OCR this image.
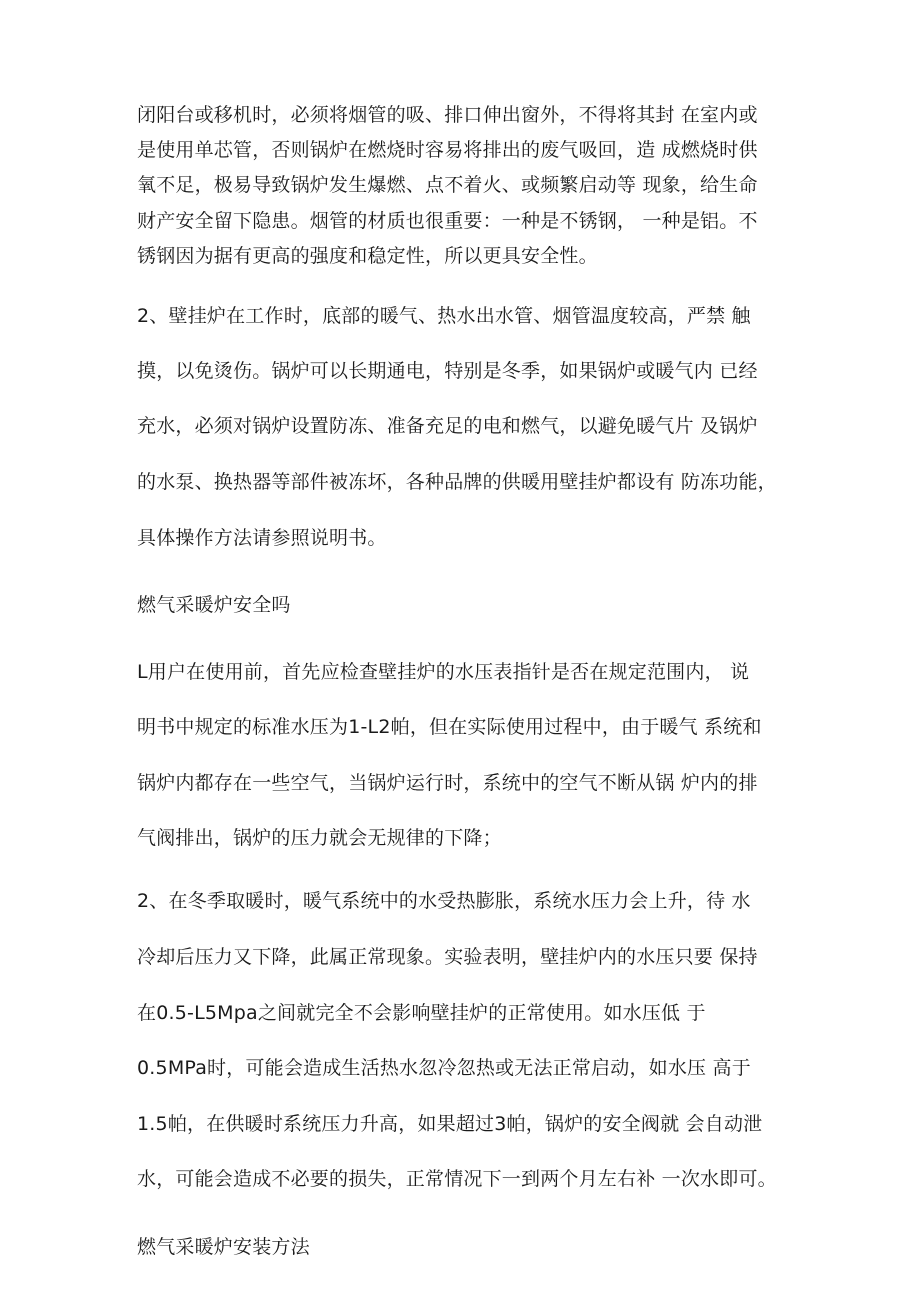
闭阳台或移机时，必须将烟管的吸、排口伸出窗外，不得将其封 在室内或
是使用单芯管，否则锅炉在燃烧时容易将排出的废气吸回，造 成燃烧时供
氧不足，极易导致锅炉发生爆燃、点不着火、或频繁启动等 现象，给生命
财产安全留下隐患。烟管的材质也很重要：一种是不锈钢， 一种是铝。不
锈钢因为据有更高的强度和稳定性，所以更具安全性。
2、壁挂炉在工作时，底部的暖气、热水出水管、烟管温度较高，严禁 触
摸，以免烫伤。锅炉可以长期通电，特别是冬季，如果锅炉或暖气内 已经
充水，必须对锅炉设置防冻、准备充足的电和燃气，以避免暖气片 及锅炉
的水泵、换热器等部件被冻坏，各种品牌的供暖用壁挂炉都设有 防冻功能，
具体操作方法请参照说明书。
燃气采暖炉安全吗
L用户在使用前，首先应检查壁挂炉的水压表指针是否在规定范围内， 说
明书中规定的标准水压为1-L2帕，但在实际使用过程中，由于暖气 系统和
锅炉内都存在一些空气，当锅炉运行时，系统中的空气不断从锅 炉内的排
气阀排出，锅炉的压力就会无规律的下降；
2、在冬季取暖时，暖气系统中的水受热膨胀，系统水压力会上升，待 水
冷却后压力又下降，此属正常现象。实验表明，壁挂炉内的水压只要 保持
在0.5-L5Mpa之间就完全不会影响壁挂炉的正常使用。如水压低 于
0.5MPa时，可能会造成生活热水忽冷忽热或无法正常启动，如水压 高于
1.5帕，在供暖时系统压力升高，如果超过3帕，锅炉的安全阀就 会自动泄
水，可能会造成不必要的损失，正常情况下一到两个月左右补 一次水即可。
燃气采暖炉安装方法
